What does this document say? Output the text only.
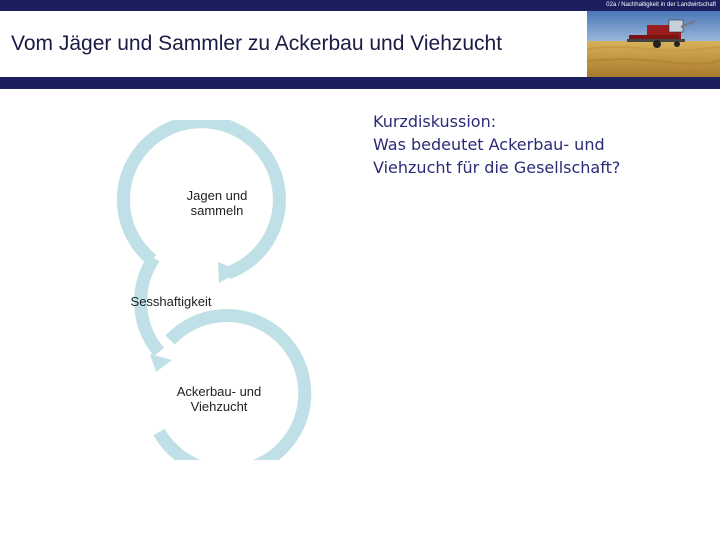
02a / Nachhaltigkeit in der Landwirtschaft
Vom Jäger und Sammler zu Ackerbau und Viehzucht
Jagen und
sammeln
Sesshaftigkeit
Ackerbau- und
Viehzucht
Kurzdiskussion:
Was bedeutet Ackerbau- und
Viehzucht für die Gesellschaft?
